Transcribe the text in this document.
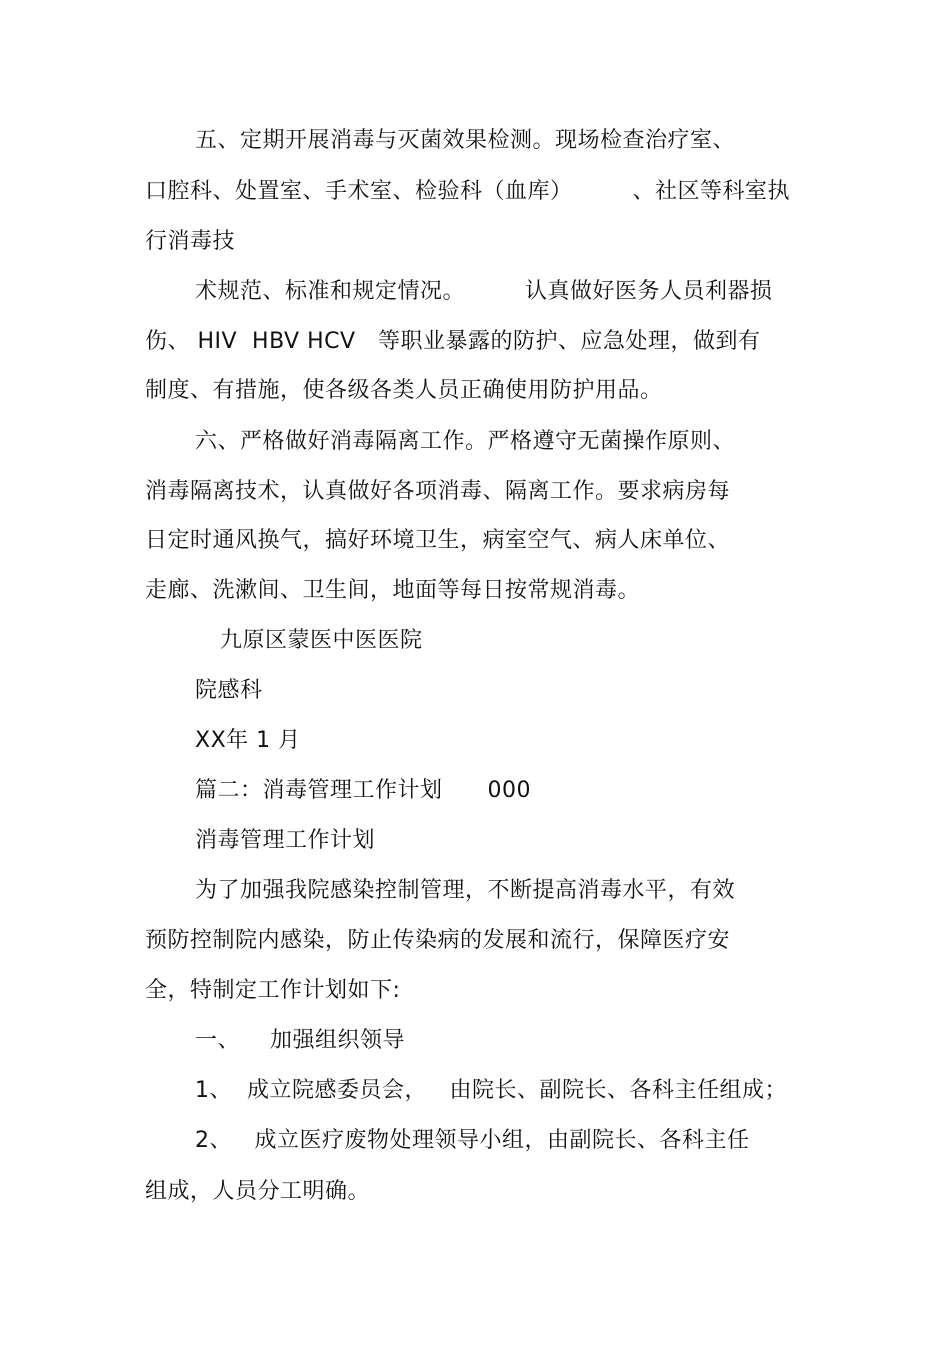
五、定期开展消毒与灭菌效果检测。现场检查治疗室、
口腔科、处置室、手术室、检验科（血库）        、社区等科室执
行消毒技
术规范、标准和规定情况。        认真做好医务人员利器损
伤、 HIV  HBV HCV   等职业暴露的防护、应急处理，做到有
制度、有措施，使各级各类人员正确使用防护用品。
六、严格做好消毒隔离工作。严格遵守无菌操作原则、
消毒隔离技术，认真做好各项消毒、隔离工作。要求病房每
日定时通风换气，搞好环境卫生，病室空气、病人床单位、
走廊、洗漱间、卫生间，地面等每日按常规消毒。
九原区蒙医中医医院
院感科
XX年 1 月
篇二：消毒管理工作计划      000
消毒管理工作计划
为了加强我院感染控制管理，不断提高消毒水平，有效
预防控制院内感染，防止传染病的发展和流行，保障医疗安
全，特制定工作计划如下:
一、    加强组织领导
1、  成立院感委员会，   由院长、副院长、各科主任组成；
2、   成立医疗废物处理领导小组，由副院长、各科主任
组成，人员分工明确。
